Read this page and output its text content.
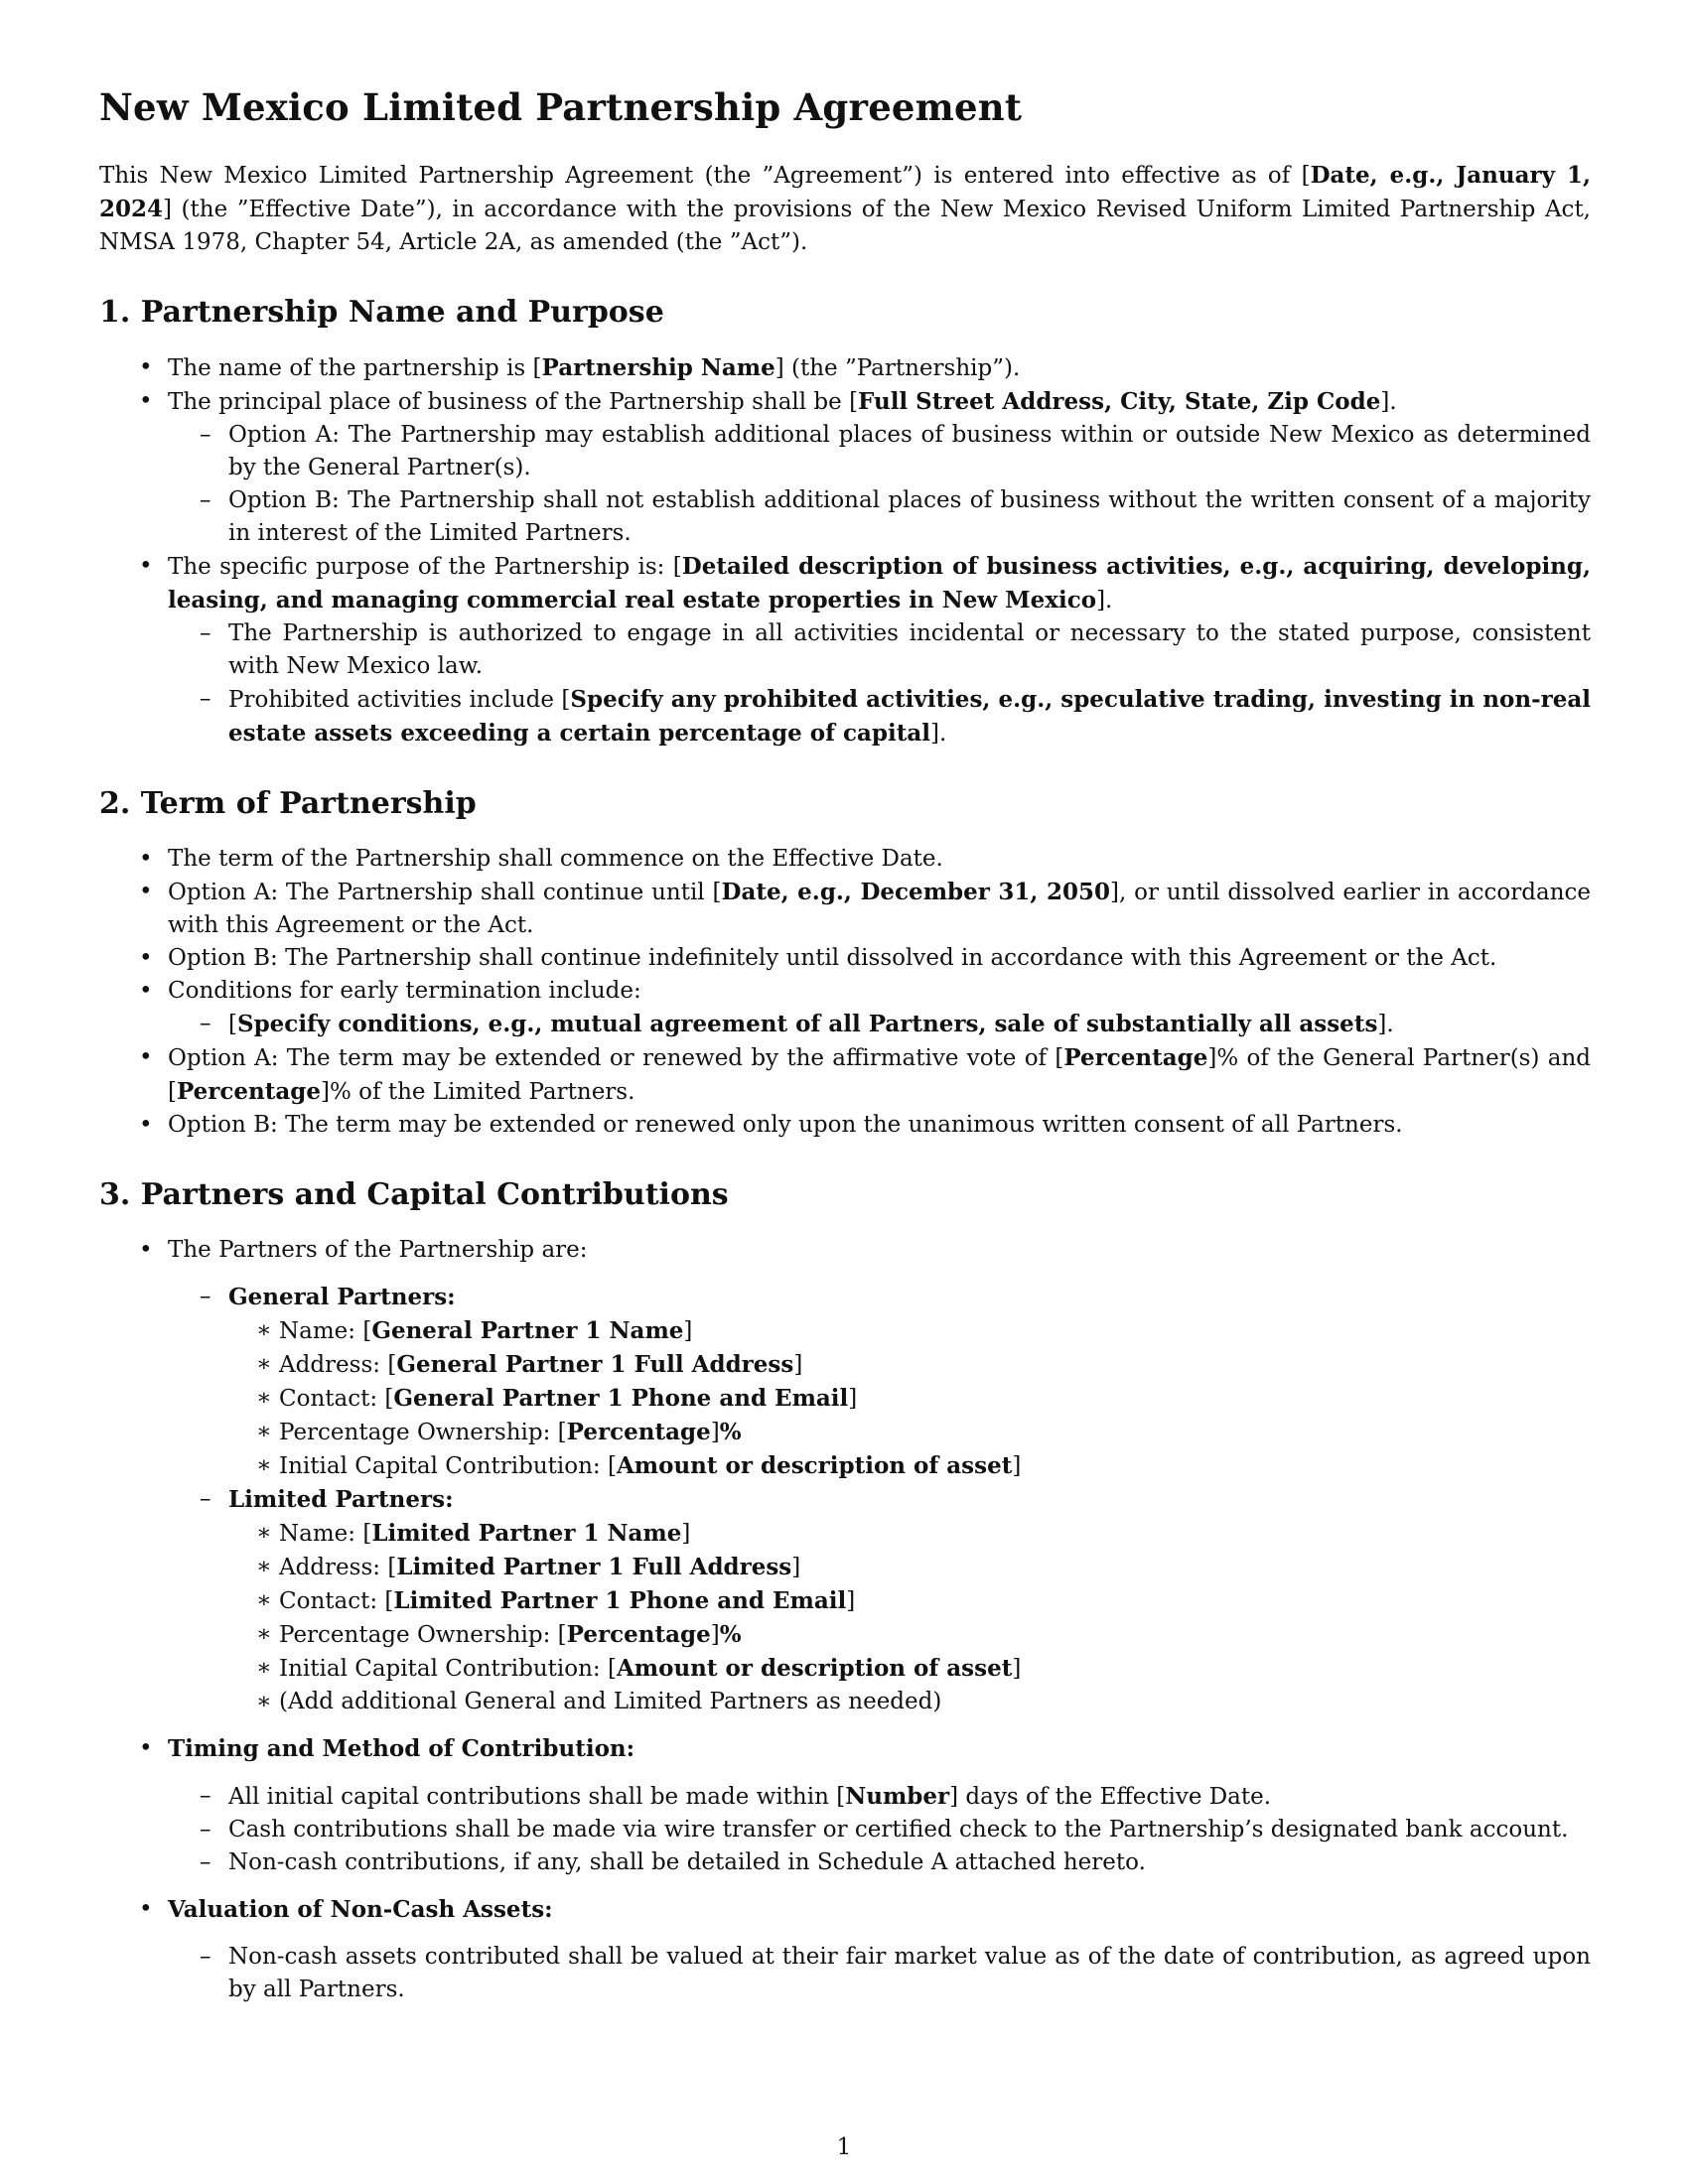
New Mexico Limited Partnership Agreement

This New Mexico Limited Partnership Agreement (the ”Agreement”) is entered into effective as of [Date, e.g., January 1, 2024] (the ”Effective Date”), in accordance with the provisions of the New Mexico Revised Uniform Limited Partnership Act, NMSA 1978, Chapter 54, Article 2A, as amended (the ”Act”).

1. Partnership Name and Purpose
• The name of the partnership is [Partnership Name] (the ”Partnership”).
• The principal place of business of the Partnership shall be [Full Street Address, City, State, Zip Code].
– Option A: The Partnership may establish additional places of business within or outside New Mexico as determined by the General Partner(s).
– Option B: The Partnership shall not establish additional places of business without the written consent of a majority in interest of the Limited Partners.
• The specific purpose of the Partnership is: [Detailed description of business activities, e.g., acquiring, developing, leasing, and managing commercial real estate properties in New Mexico].
– The Partnership is authorized to engage in all activities incidental or necessary to the stated purpose, consistent with New Mexico law.
– Prohibited activities include [Specify any prohibited activities, e.g., speculative trading, investing in non-real estate assets exceeding a certain percentage of capital].
2. Term of Partnership
• The term of the Partnership shall commence on the Effective Date.
• Option A: The Partnership shall continue until [Date, e.g., December 31, 2050], or until dissolved earlier in accordance with this Agreement or the Act.
• Option B: The Partnership shall continue indefinitely until dissolved in accordance with this Agreement or the Act.
• Conditions for early termination include:
– [Specify conditions, e.g., mutual agreement of all Partners, sale of substantially all assets].
• Option A: The term may be extended or renewed by the affirmative vote of [Percentage]% of the General Partner(s) and [Percentage]% of the Limited Partners.
• Option B: The term may be extended or renewed only upon the unanimous written consent of all Partners.
3. Partners and Capital Contributions
• The Partners of the Partnership are:
– General Partners:
∗ Name: [General Partner 1 Name]
∗ Address: [General Partner 1 Full Address]
∗ Contact: [General Partner 1 Phone and Email]
∗ Percentage Ownership: [Percentage]%
∗ Initial Capital Contribution: [Amount or description of asset]
– Limited Partners:
∗ Name: [Limited Partner 1 Name]
∗ Address: [Limited Partner 1 Full Address]
∗ Contact: [Limited Partner 1 Phone and Email]
∗ Percentage Ownership: [Percentage]%
∗ Initial Capital Contribution: [Amount or description of asset]
∗ (Add additional General and Limited Partners as needed)
• Timing and Method of Contribution:
– All initial capital contributions shall be made within [Number] days of the Effective Date.
– Cash contributions shall be made via wire transfer or certified check to the Partnership’s designated bank account.
– Non-cash contributions, if any, shall be detailed in Schedule A attached hereto.
• Valuation of Non-Cash Assets:
– Non-cash assets contributed shall be valued at their fair market value as of the date of contribution, as agreed upon by all Partners.
1
